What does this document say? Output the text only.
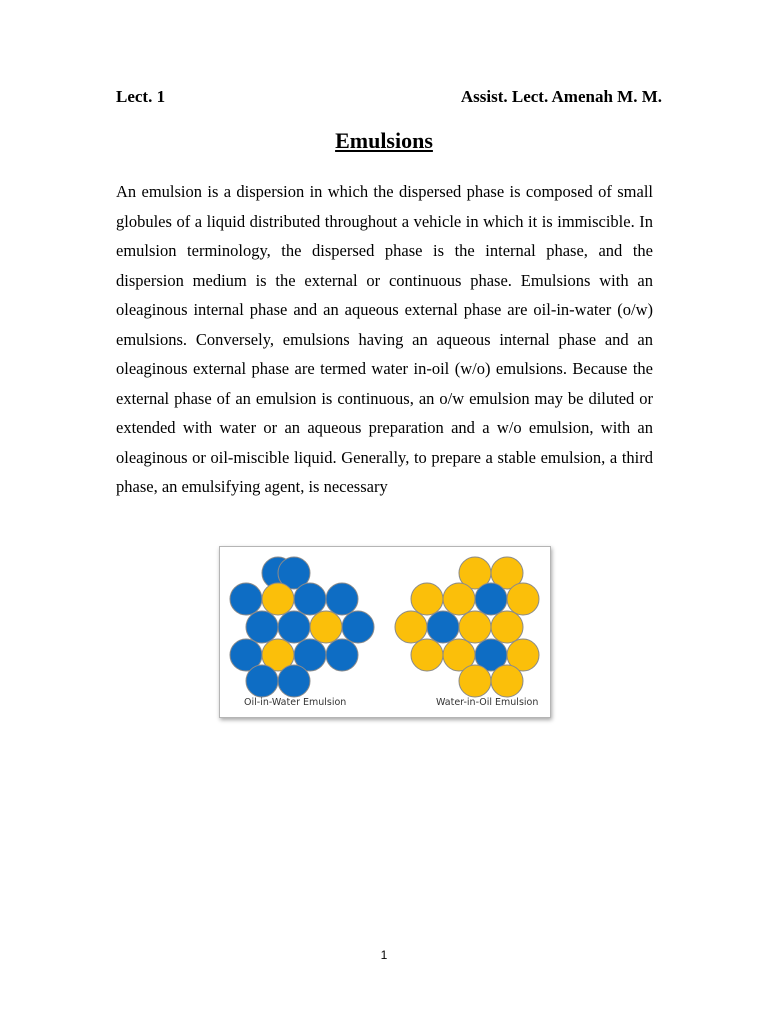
Lect. 1	Assist. Lect. Amenah M. M.
Emulsions

An emulsion is a dispersion in which the dispersed phase is composed of small globules of a liquid distributed throughout a vehicle in which it is immiscible. In emulsion terminology, the dispersed phase is the internal phase, and the dispersion medium is the external or continuous phase. Emulsions with an oleaginous internal phase and an aqueous external phase are oil-in-water (o/w) emulsions. Conversely, emulsions having an aqueous internal phase and an oleaginous external phase are termed water in-oil (w/o) emulsions. Because the external phase of an emulsion is continuous, an o/w emulsion may be diluted or extended with water or an aqueous preparation and a w/o emulsion, with an oleaginous or oil-miscible liquid. Generally, to prepare a stable emulsion, a third phase, an emulsifying agent, is necessary

Oil-in-Water Emulsion	Water-in-Oil Emulsion
1
